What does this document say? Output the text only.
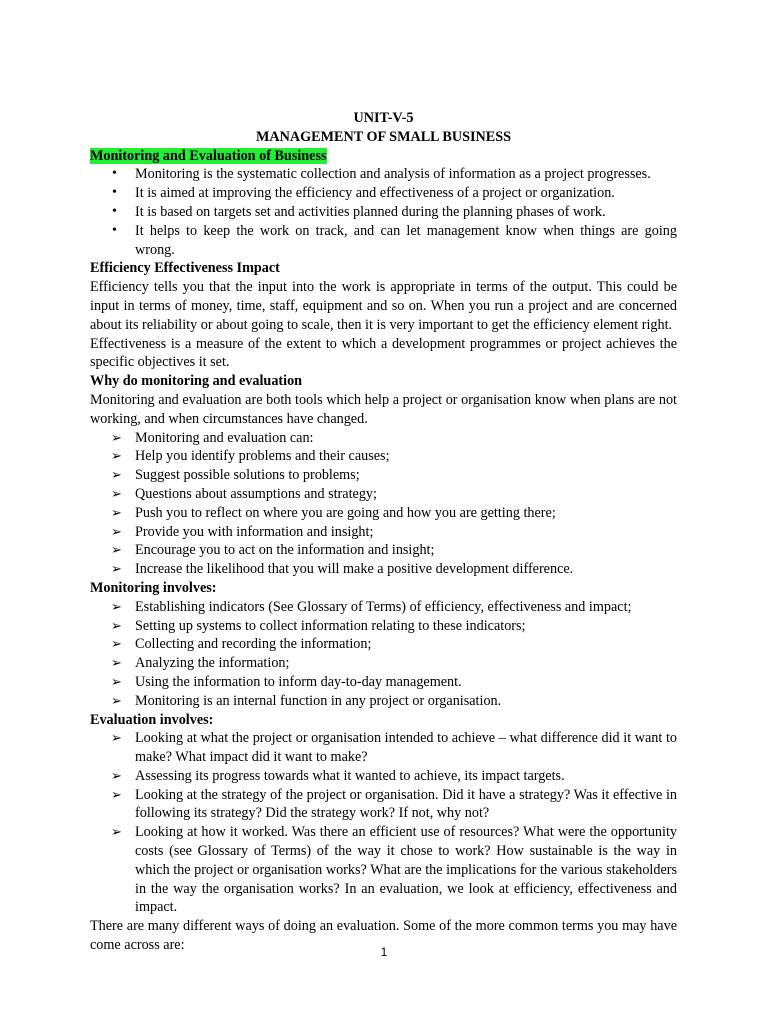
UNIT-V-5
MANAGEMENT OF SMALL BUSINESS
Monitoring and Evaluation of Business
•	Monitoring is the systematic collection and analysis of information as a project progresses.
•	It is aimed at improving the efficiency and effectiveness of a project or organization.
•	It is based on targets set and activities planned during the planning phases of work.
•	It helps to keep the work on track, and can let management know when things are going wrong.
Efficiency Effectiveness Impact

Efficiency tells you that the input into the work is appropriate in terms of the output. This could be input in terms of money, time, staff, equipment and so on. When you run a project and are concerned about its reliability or about going to scale, then it is very important to get the efficiency element right.

Effectiveness is a measure of the extent to which a development programmes or project achieves the specific objectives it set.

Why do monitoring and evaluation

Monitoring and evaluation are both tools which help a project or organisation know when plans are not working, and when circumstances have changed.

➢ Monitoring and evaluation can:
➢ Help you identify problems and their causes;
➢ Suggest possible solutions to problems;
➢ Questions about assumptions and strategy;
➢ Push you to reflect on where you are going and how you are getting there;
➢ Provide you with information and insight;
➢ Encourage you to act on the information and insight;
➢ Increase the likelihood that you will make a positive development difference.
Monitoring involves:
➢ Establishing indicators (See Glossary of Terms) of efficiency, effectiveness and impact;
➢ Setting up systems to collect information relating to these indicators;
➢ Collecting and recording the information;
➢ Analyzing the information;
➢ Using the information to inform day-to-day management.
➢ Monitoring is an internal function in any project or organisation.
Evaluation involves:
➢ Looking at what the project or organisation intended to achieve – what difference did it want to make? What impact did it want to make?
➢ Assessing its progress towards what it wanted to achieve, its impact targets.
➢ Looking at the strategy of the project or organisation. Did it have a strategy? Was it effective in following its strategy? Did the strategy work? If not, why not?
➢ Looking at how it worked. Was there an efficient use of resources? What were the opportunity costs (see Glossary of Terms) of the way it chose to work? How sustainable is the way in which the project or organisation works? What are the implications for the various stakeholders in the way the organisation works? In an evaluation, we look at efficiency, effectiveness and impact.

There are many different ways of doing an evaluation. Some of the more common terms you may have come across are:	1
